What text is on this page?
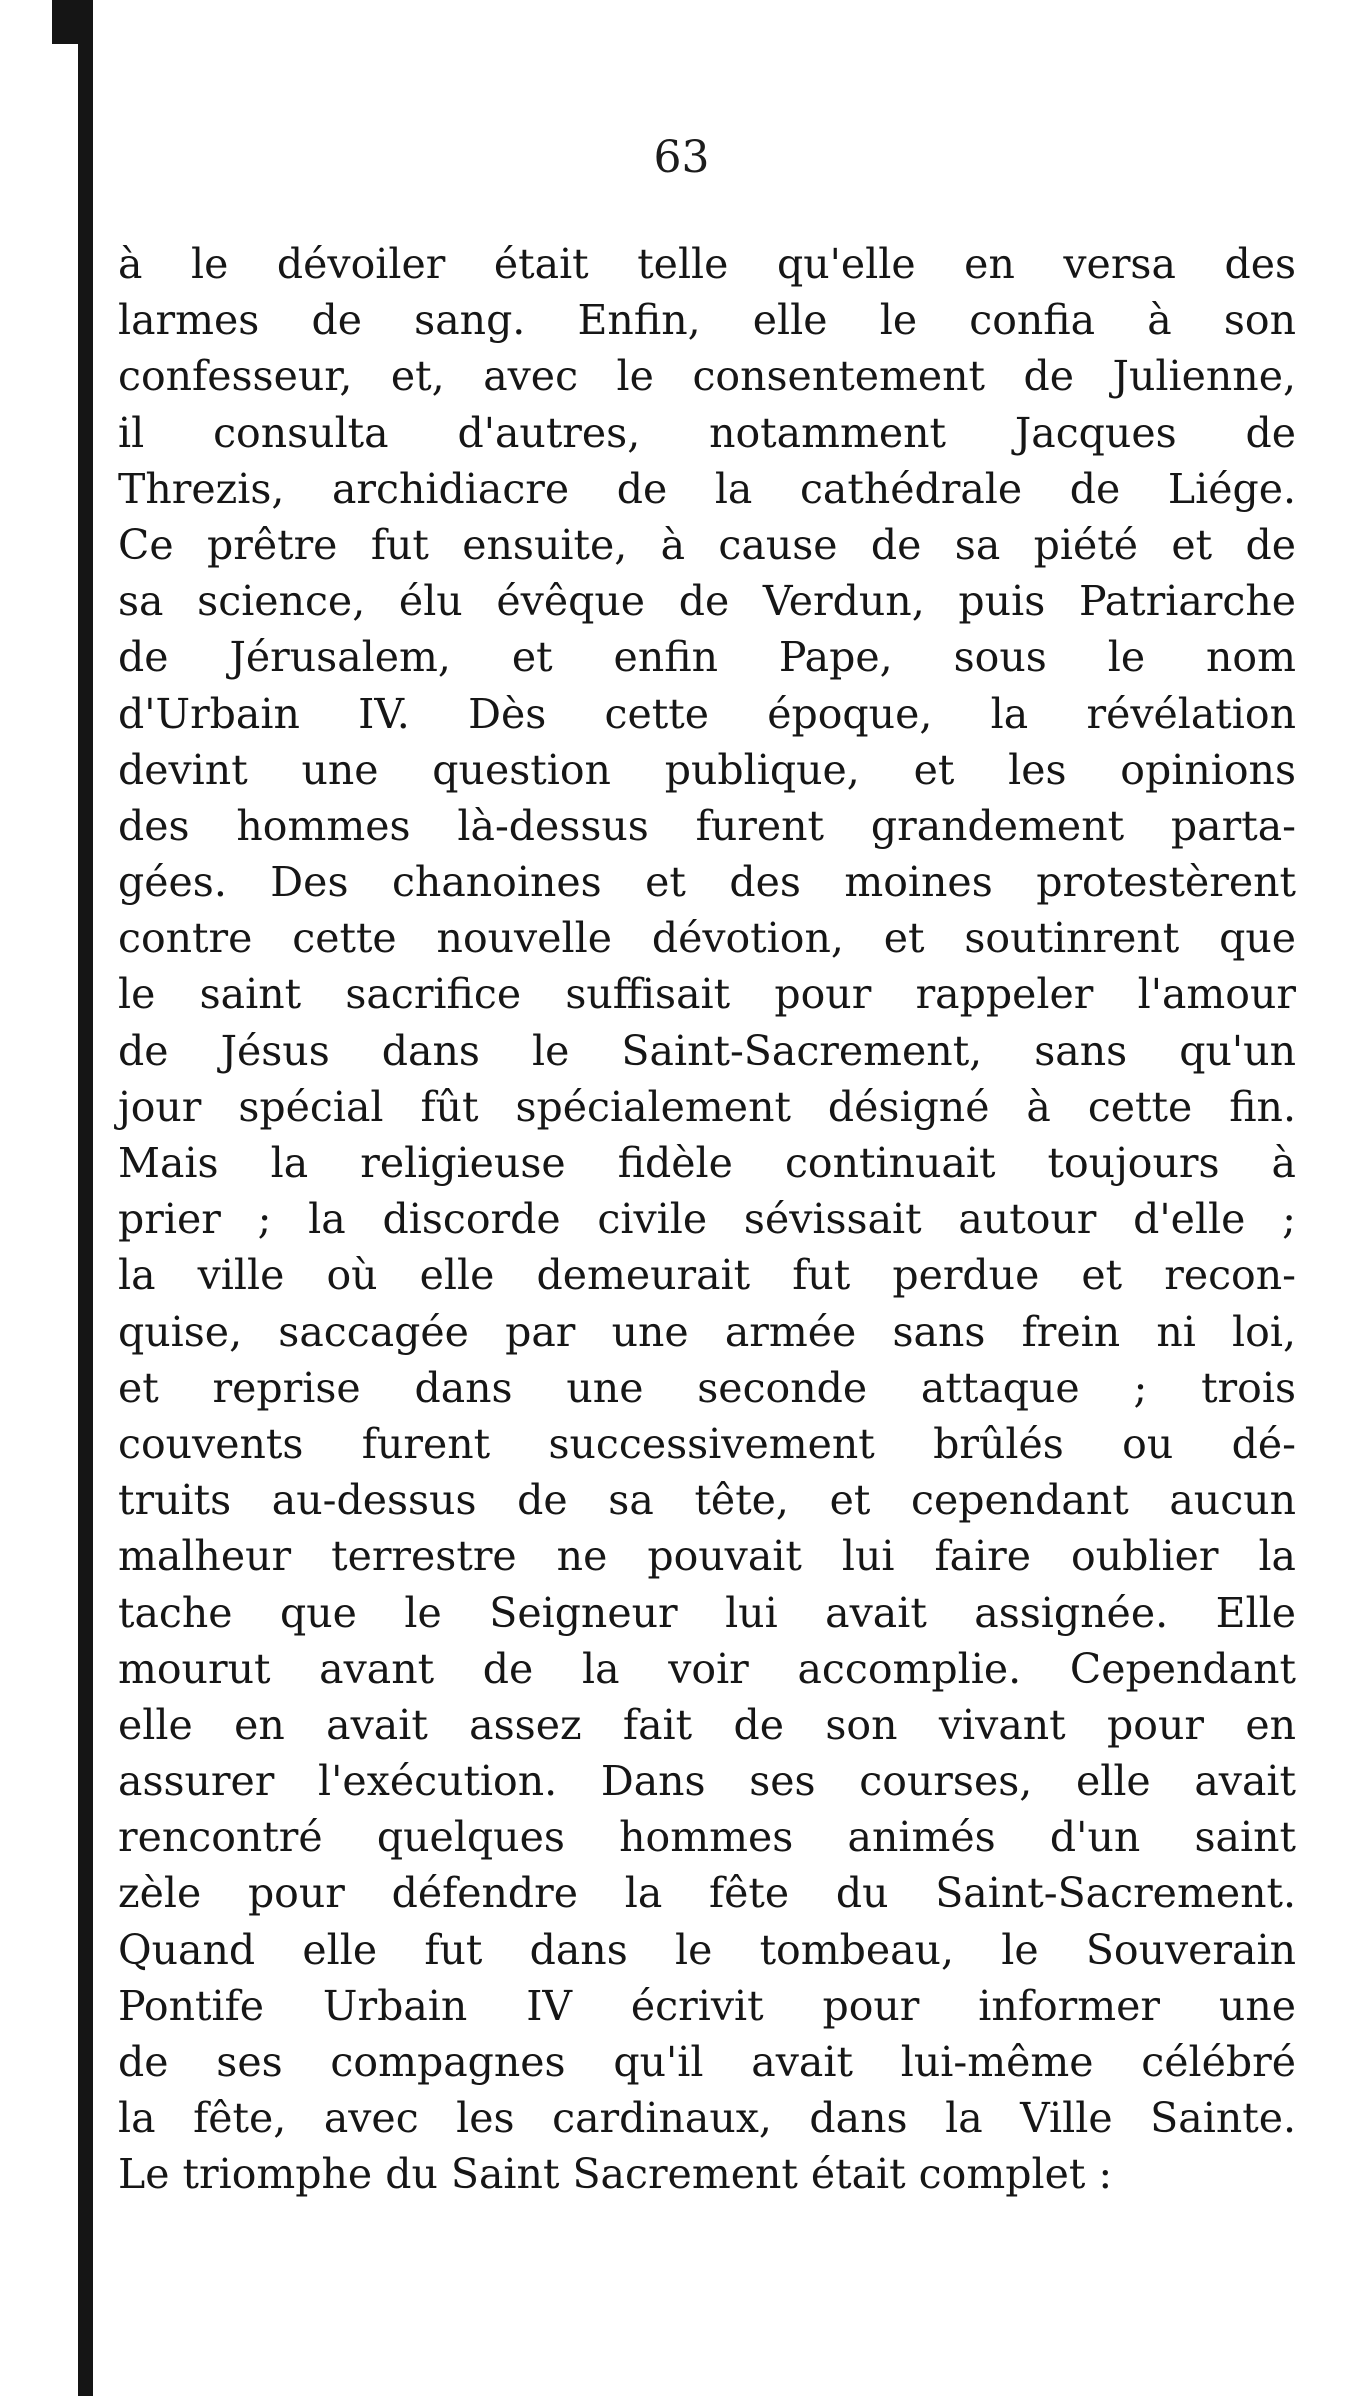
63
à le dévoiler était telle qu'elle en versa des
larmes de sang. Enfin, elle le confia à son
confesseur, et, avec le consentement de Julienne,
il consulta d'autres, notamment Jacques de
Threzis, archidiacre de la cathédrale de Liége.
Ce prêtre fut ensuite, à cause de sa piété et de
sa science, élu évêque de Verdun, puis Patriarche
de Jérusalem, et enfin Pape, sous le nom
d'Urbain IV. Dès cette époque, la révélation
devint une question publique, et les opinions
des hommes là-dessus furent grandement parta-
gées. Des chanoines et des moines protestèrent
contre cette nouvelle dévotion, et soutinrent que
le saint sacrifice suffisait pour rappeler l'amour
de Jésus dans le Saint-Sacrement, sans qu'un
jour spécial fût spécialement désigné à cette fin.
Mais la religieuse fidèle continuait toujours à
prier ; la discorde civile sévissait autour d'elle ;
la ville où elle demeurait fut perdue et recon-
quise, saccagée par une armée sans frein ni loi,
et reprise dans une seconde attaque ; trois
couvents furent successivement brûlés ou dé-
truits au-dessus de sa tête, et cependant aucun
malheur terrestre ne pouvait lui faire oublier la
tache que le Seigneur lui avait assignée. Elle
mourut avant de la voir accomplie. Cependant
elle en avait assez fait de son vivant pour en
assurer l'exécution. Dans ses courses, elle avait
rencontré quelques hommes animés d'un saint
zèle pour défendre la fête du Saint-Sacrement.
Quand elle fut dans le tombeau, le Souverain
Pontife Urbain IV écrivit pour informer une
de ses compagnes qu'il avait lui-même célébré
la fête, avec les cardinaux, dans la Ville Sainte.
Le triomphe du Saint Sacrement était complet :
